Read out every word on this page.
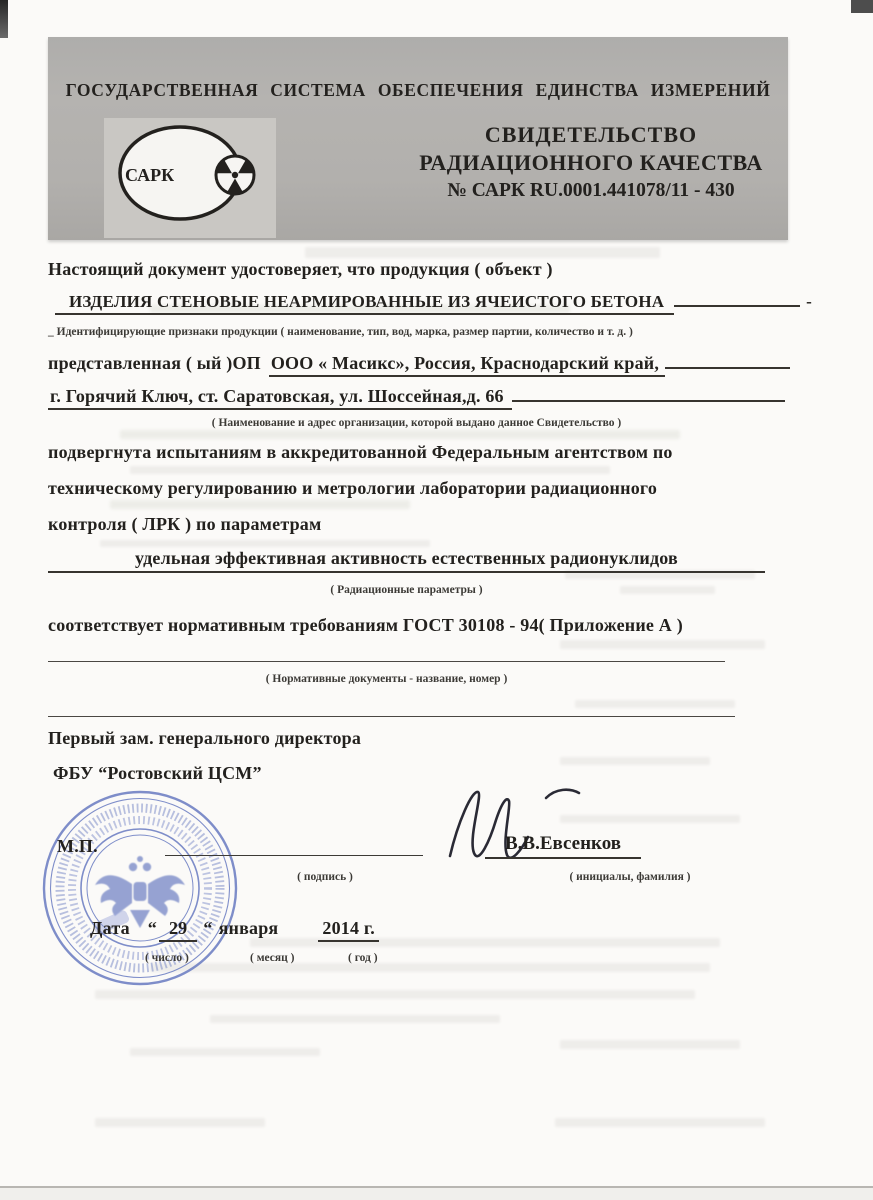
ГОСУДАРСТВЕННАЯ СИСТЕМА ОБЕСПЕЧЕНИЯ ЕДИНСТВА ИЗМЕРЕНИЙ
САРК
СВИДЕТЕЛЬСТВО
РАДИАЦИОННОГО КАЧЕСТВА
№ САРК RU.0001.441078/11 - 430
Настоящий документ удостоверяет, что продукция ( объект )
ИЗДЕЛИЯ СТЕНОВЫЕ НЕАРМИРОВАННЫЕ ИЗ ЯЧЕИСТОГО БЕТОНА	-
_ Идентифицирующие признаки продукции ( наименование, тип, вод, марка, размер партии, количество и т. д. )
представленная ( ый )ОП ООО « Масикс», Россия, Краснодарский край,
г. Горячий Ключ, ст. Саратовская, ул. Шоссейная,д. 66
( Наименование и адрес организации, которой выдано данное Свидетельство )
подвергнута испытаниям в аккредитованной Федеральным агентством по
техническому регулированию и метрологии лаборатории радиационного
контроля ( ЛРК ) по параметрам
удельная эффективная активность естественных радионуклидов
( Радиационные параметры )
соответствует нормативным требованиям ГОСТ 30108 - 94( Приложение А )
( Нормативные документы - название, номер )
Первый зам. генерального директора
ФБУ “Ростовский ЦСМ”
М.П.	В.В.Евсенков
( подпись )	( инициалы, фамилия )
Дата	“ 29 “ января 2014 г.
( число )	( месяц )	( год )
